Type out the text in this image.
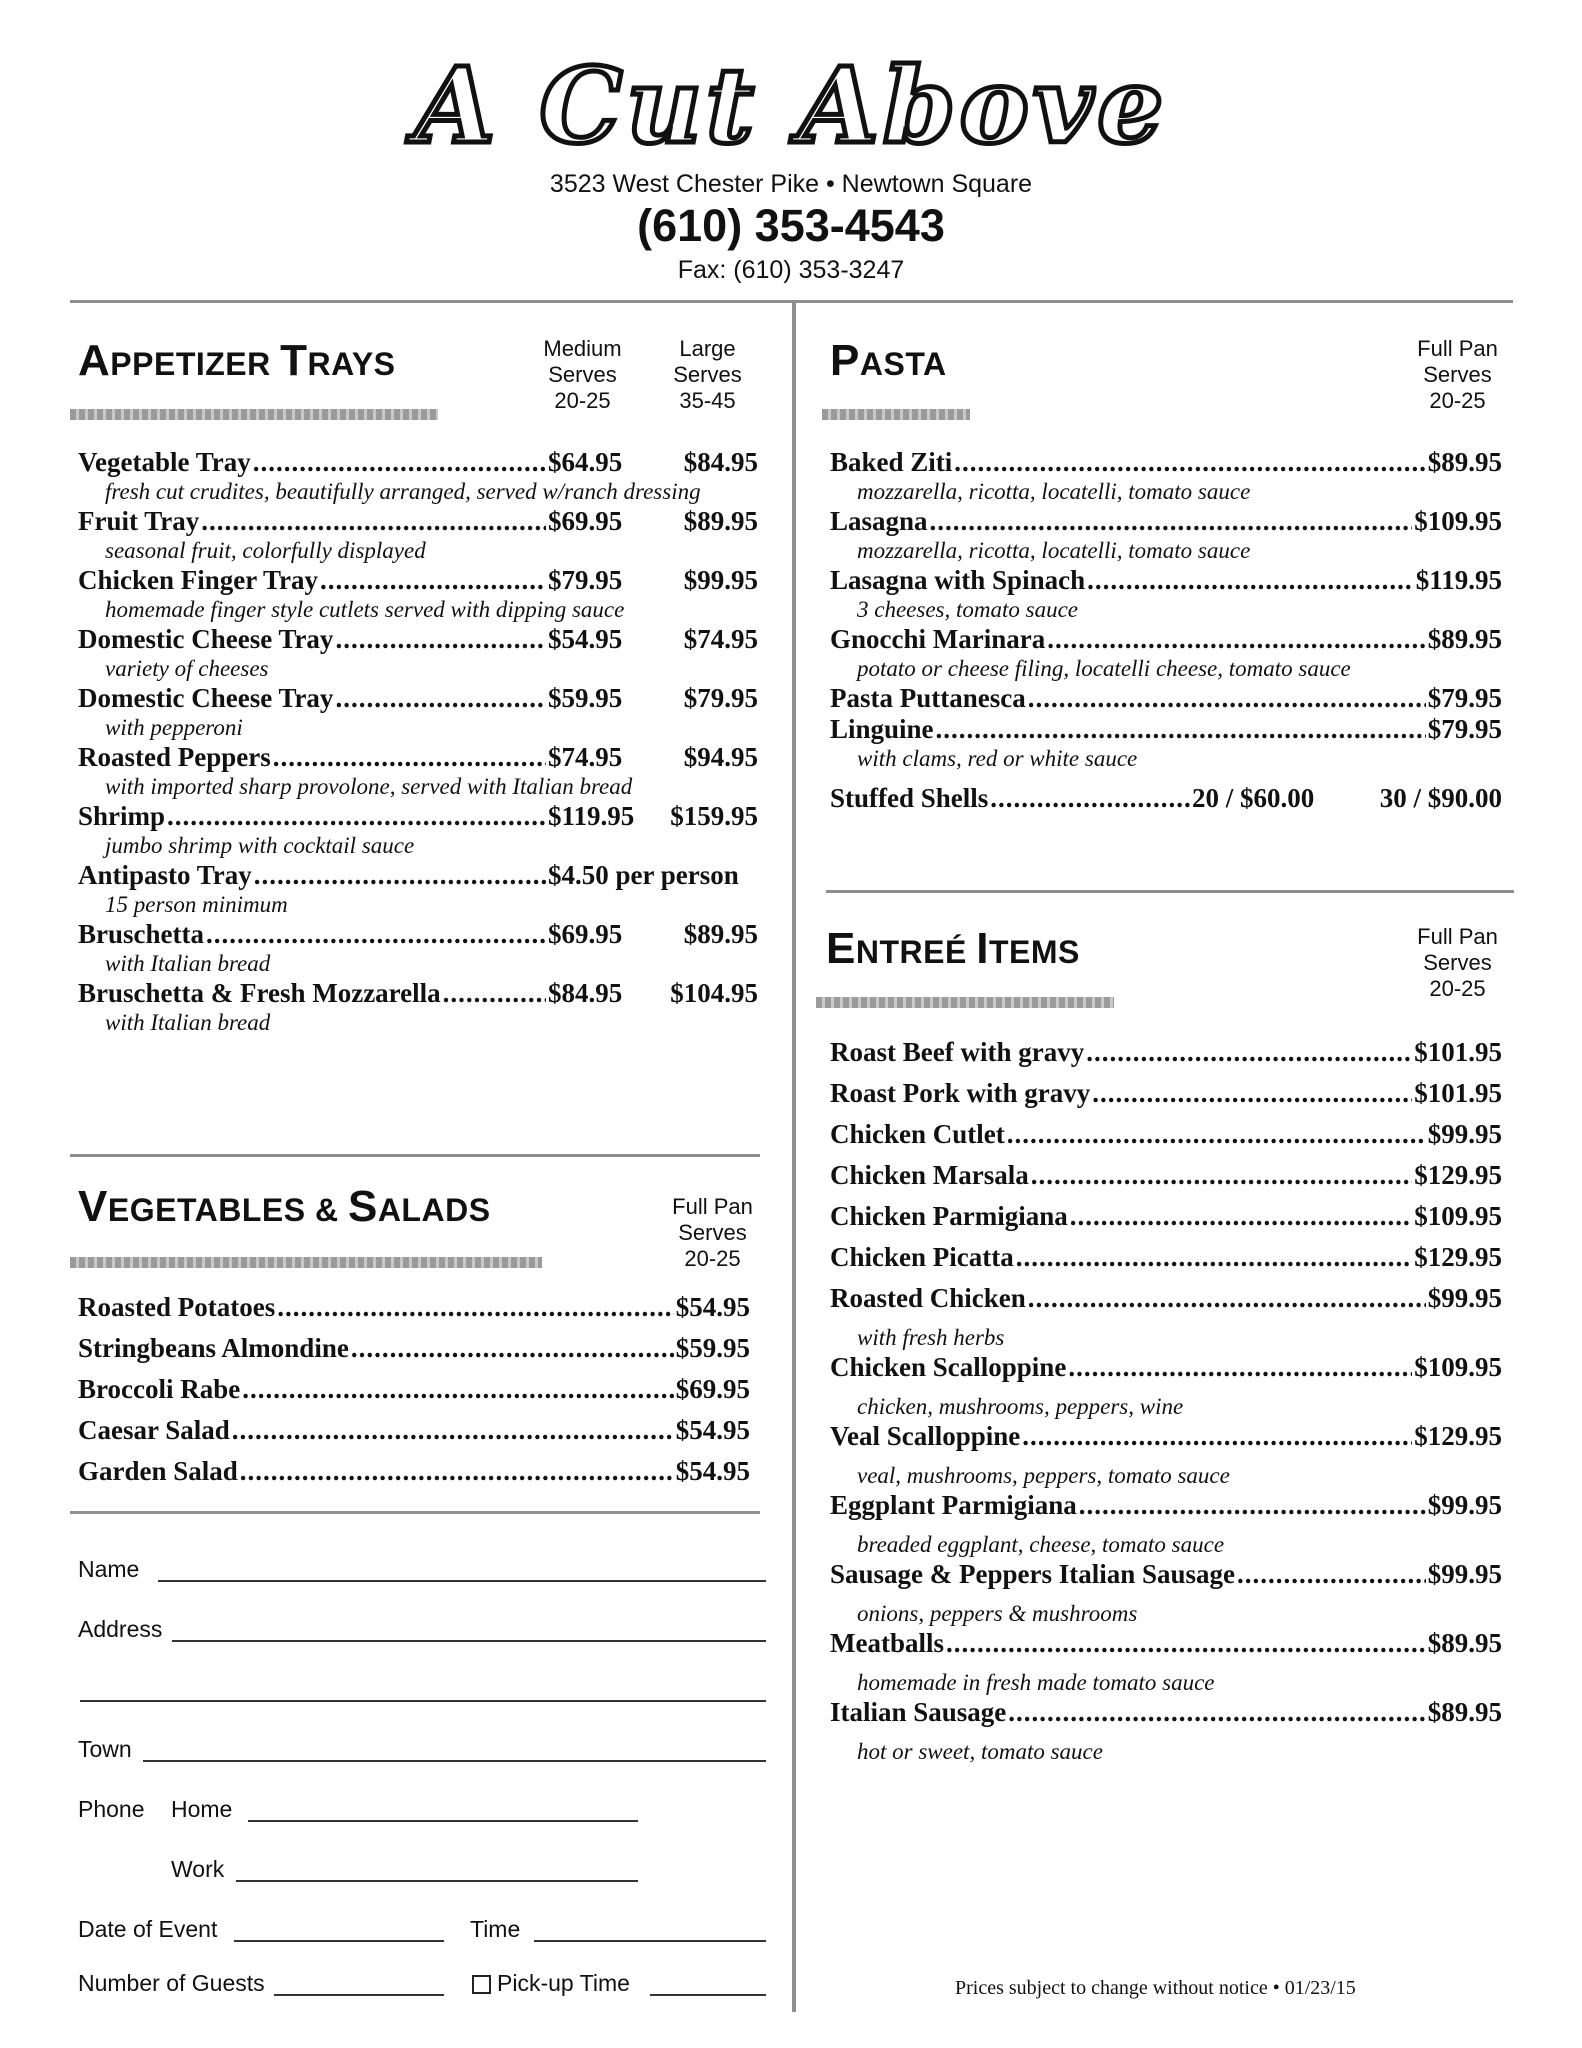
A Cut Above
3523 West Chester Pike • Newtown Square
(610) 353-4543
Fax: (610) 353-3247
APPETIZER TRAYS	Medium
Serves
20-25
Large
Serves
35-45
Vegetable Tray .....	$64.95	$84.95
fresh cut crudites, beautifully arranged, served w/ranch dressing
Fruit Tray .....	$69.95	$89.95
seasonal fruit, colorfully displayed
Chicken Finger Tray .....	$79.95	$99.95
homemade finger style cutlets served with dipping sauce
Domestic Cheese Tray .....	$54.95	$74.95
variety of cheeses
Domestic Cheese Tray .....	$59.95	$79.95
with pepperoni
Roasted Peppers .....	$74.95	$94.95
with imported sharp provolone, served with Italian bread
Shrimp .....	$119.95	$159.95
jumbo shrimp with cocktail sauce
Antipasto Tray .....	$4.50 per person
15 person minimum
Bruschetta .....	$69.95	$89.95
with Italian bread
Bruschetta & Fresh Mozzarella .....	$84.95	$104.95
with Italian bread
VEGETABLES & SALADS	Full Pan
Serves
20-25
Roasted Potatoes .....	$54.95
Stringbeans Almondine .....	$59.95
Broccoli Rabe .....	$69.95
Caesar Salad .....	$54.95
Garden Salad .....	$54.95
Name
Address
Town
Phone Home
Work
Date of Event	Time
Number of Guests	Pick-up Time
PASTA	Full Pan
Serves
20-25
Baked Ziti .....	$89.95
mozzarella, ricotta, locatelli, tomato sauce
Lasagna .....	$109.95
mozzarella, ricotta, locatelli, tomato sauce
Lasagna with Spinach .....	$119.95
3 cheeses, tomato sauce
Gnocchi Marinara .....	$89.95
potato or cheese filing, locatelli cheese, tomato sauce
Pasta Puttanesca .....	$79.95
Linguine .....	$79.95
with clams, red or white sauce
Stuffed Shells .....	20 / $60.00	30 / $90.00
ENTREÉ ITEMS	Full Pan
Serves
20-25
Roast Beef with gravy .....	$101.95
Roast Pork with gravy .....	$101.95
Chicken Cutlet .....	$99.95
Chicken Marsala .....	$129.95
Chicken Parmigiana .....	$109.95
Chicken Picatta .....	$129.95
Roasted Chicken .....	$99.95
with fresh herbs
Chicken Scalloppine .....	$109.95
chicken, mushrooms, peppers, wine
Veal Scalloppine .....	$129.95
veal, mushrooms, peppers, tomato sauce
Eggplant Parmigiana .....	$99.95
breaded eggplant, cheese, tomato sauce
Sausage & Peppers Italian Sausage .....	$99.95
onions, peppers & mushrooms
Meatballs .....	$89.95
homemade in fresh made tomato sauce
Italian Sausage .....	$89.95
hot or sweet, tomato sauce
Prices subject to change without notice • 01/23/15
